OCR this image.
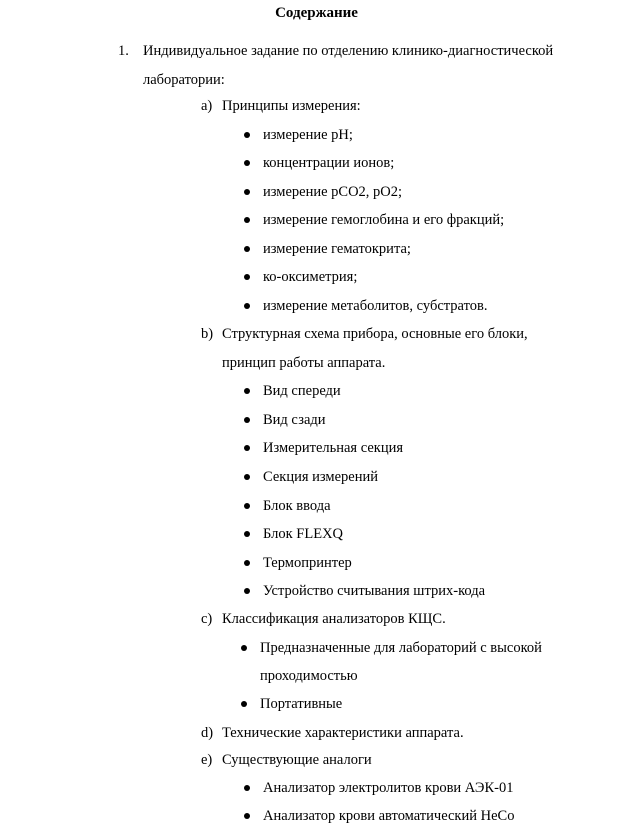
Содержание
1. Индивидуальное задание по отделению клинико-диагностической
лаборатории:
a) Принципы измерения:
измерение рН;
концентрации ионов;
измерение рСО2, рО2;
измерение гемоглобина и его фракций;
измерение гематокрита;
ко-оксиметрия;
измерение метаболитов, субстратов.
b) Структурная схема прибора, основные его блоки,
принцип работы аппарата.
Вид спереди
Вид сзади
Измерительная секция
Секция измерений
Блок ввода
Блок FLEXQ
Термопринтер
Устройство считывания штрих-кода
c) Классификация анализаторов КЩС.
Предназначенные для лабораторий с высокой
проходимостью
Портативные
d) Технические характеристики аппарата.
e) Существующие аналоги
Анализатор электролитов крови АЭК-01
Анализатор крови автоматический НеСо
